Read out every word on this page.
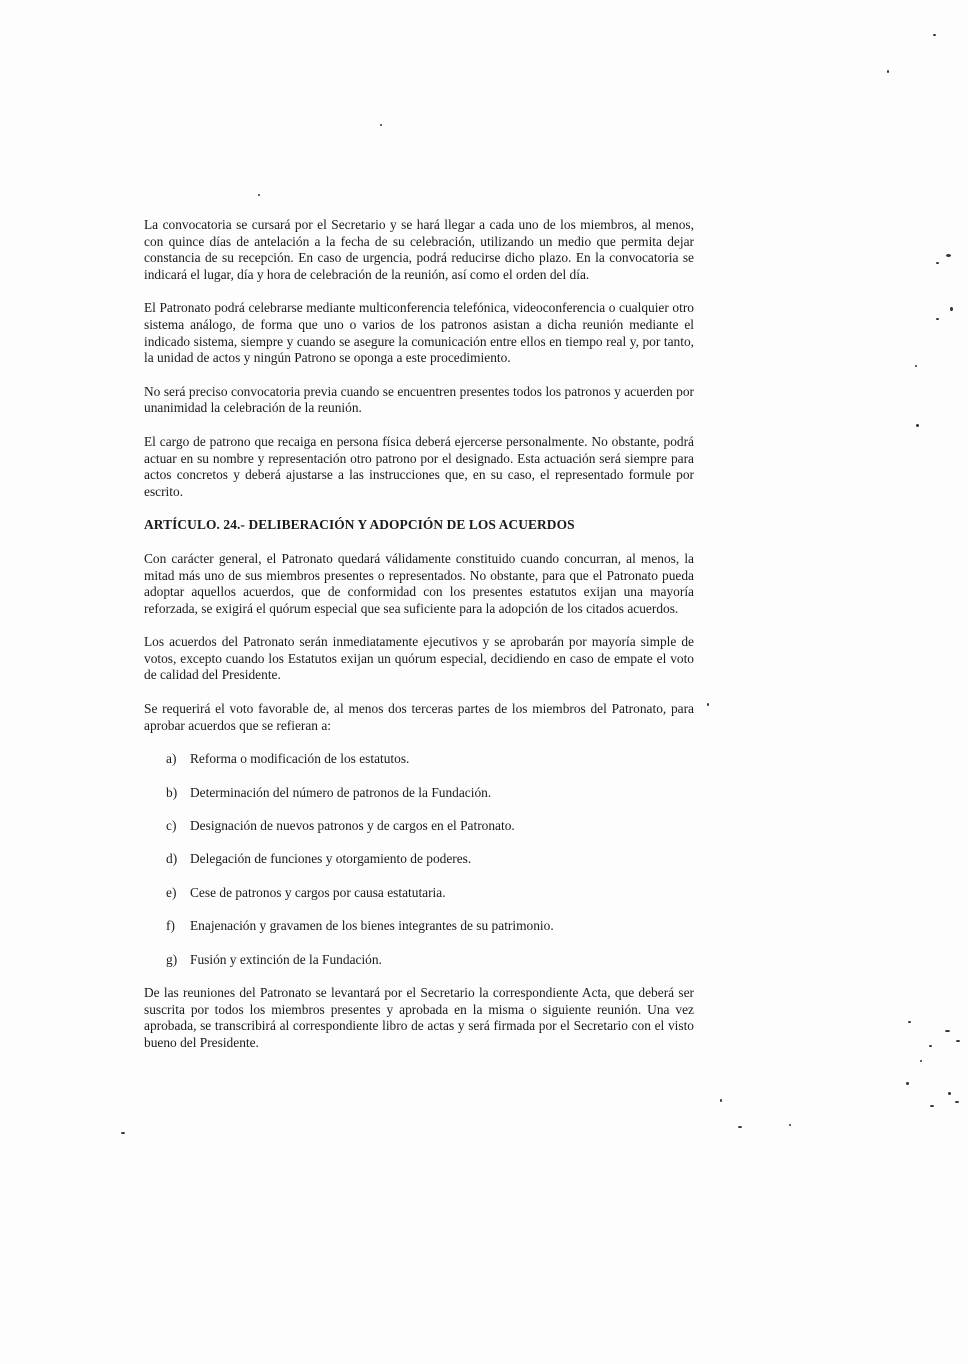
La convocatoria se cursará por el Secretario y se hará llegar a cada uno de los miembros, al menos, con quince días de antelación a la fecha de su celebración, utilizando un medio que permita dejar constancia de su recepción. En caso de urgencia, podrá reducirse dicho plazo. En la convocatoria se indicará el lugar, día y hora de celebración de la reunión, así como el orden del día.

El Patronato podrá celebrarse mediante multiconferencia telefónica, videoconferencia o cualquier otro sistema análogo, de forma que uno o varios de los patronos asistan a dicha reunión mediante el indicado sistema, siempre y cuando se asegure la comunicación entre ellos en tiempo real y, por tanto, la unidad de actos y ningún Patrono se oponga a este procedimiento.

No será preciso convocatoria previa cuando se encuentren presentes todos los patronos y acuerden por unanimidad la celebración de la reunión.

El cargo de patrono que recaiga en persona física deberá ejercerse personalmente. No obstante, podrá actuar en su nombre y representación otro patrono por el designado. Esta actuación será siempre para actos concretos y deberá ajustarse a las instrucciones que, en su caso, el representado formule por escrito.

ARTÍCULO. 24.- DELIBERACIÓN Y ADOPCIÓN DE LOS ACUERDOS

Con carácter general, el Patronato quedará válidamente constituido cuando concurran, al menos, la mitad más uno de sus miembros presentes o representados. No obstante, para que el Patronato pueda adoptar aquellos acuerdos, que de conformidad con los presentes estatutos exijan una mayoría reforzada, se exigirá el quórum especial que sea suficiente para la adopción de los citados acuerdos.

Los acuerdos del Patronato serán inmediatamente ejecutivos y se aprobarán por mayoría simple de votos, excepto cuando los Estatutos exijan un quórum especial, decidiendo en caso de empate el voto de calidad del Presidente.

Se requerirá el voto favorable de, al menos dos terceras partes de los miembros del Patronato, para aprobar acuerdos que se refieran a:

a)	Reforma o modificación de los estatutos.
b) Determinación del número de patronos de la Fundación.
c)	Designación de nuevos patronos y de cargos en el Patronato.
d) Delegación de funciones y otorgamiento de poderes.
e)	Cese de patronos y cargos por causa estatutaria.
f)	Enajenación y gravamen de los bienes integrantes de su patrimonio.
g) Fusión y extinción de la Fundación.

De las reuniones del Patronato se levantará por el Secretario la correspondiente Acta, que deberá ser suscrita por todos los miembros presentes y aprobada en la misma o siguiente reunión. Una vez aprobada, se transcribirá al correspondiente libro de actas y será firmada por el Secretario con el visto bueno del Presidente.
